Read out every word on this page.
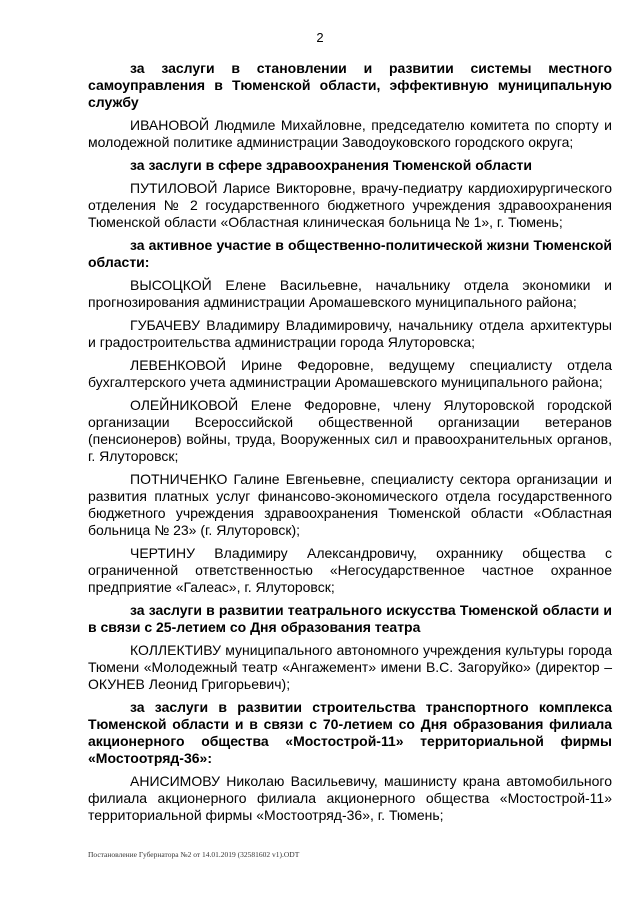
2

за заслуги в становлении и развитии системы местного самоуправления в Тюменской области, эффективную муниципальную службу

ИВАНОВОЙ Людмиле Михайловне, председателю комитета по спорту и молодежной политике администрации Заводоуковского городского округа;

за заслуги в сфере здравоохранения Тюменской области

ПУТИЛОВОЙ Ларисе Викторовне, врачу-педиатру кардиохирургического отделения № 2 государственного бюджетного учреждения здравоохранения Тюменской области «Областная клиническая больница № 1», г. Тюмень;

за активное участие в общественно-политической жизни Тюменской области:

ВЫСОЦКОЙ Елене Васильевне, начальнику отдела экономики и прогнозирования администрации Аромашевского муниципального района;

ГУБАЧЕВУ Владимиру Владимировичу, начальнику отдела архитектуры и градостроительства администрации города Ялуторовска;

ЛЕВЕНКОВОЙ Ирине Федоровне, ведущему специалисту отдела бухгалтерского учета администрации Аромашевского муниципального района;

ОЛЕЙНИКОВОЙ Елене Федоровне, члену Ялуторовской городской организации Всероссийской общественной организации ветеранов (пенсионеров) войны, труда, Вооруженных сил и правоохранительных органов, г. Ялуторовск;

ПОТНИЧЕНКО Галине Евгеньевне, специалисту сектора организации и развития платных услуг финансово-экономического отдела государственного бюджетного учреждения здравоохранения Тюменской области «Областная больница № 23» (г. Ялуторовск);

ЧЕРТИНУ Владимиру Александровичу, охраннику общества с ограниченной ответственностью «Негосударственное частное охранное предприятие «Галеас», г. Ялуторовск;

за заслуги в развитии театрального искусства Тюменской области и в связи с 25-летием со Дня образования театра

КОЛЛЕКТИВУ муниципального автономного учреждения культуры города Тюмени «Молодежный театр «Ангажемент» имени В.С. Загоруйко» (директор – ОКУНЕВ Леонид Григорьевич);

за заслуги в развитии строительства транспортного комплекса Тюменской области и в связи с 70-летием со Дня образования филиала акционерного общества «Мостострой-11» территориальной фирмы «Мостоотряд-36»:

АНИСИМОВУ Николаю Васильевичу, машинисту крана автомобильного филиала акционерного филиала акционерного общества «Мостострой-11» территориальной фирмы «Мостоотряд-36», г. Тюмень;

Постановление Губернатора №2 от 14.01.2019 (32581602 v1).ODT
